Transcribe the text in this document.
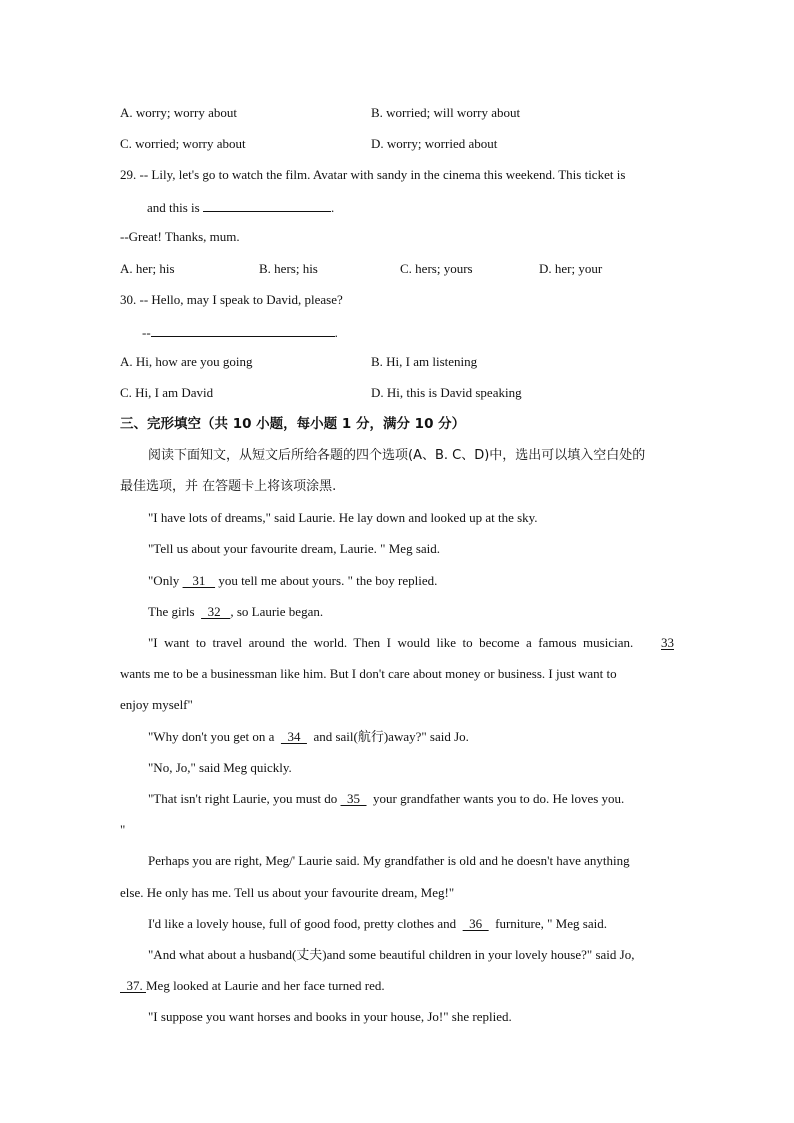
A. worry; worry about	B. worried; will worry about
C. worried; worry about	D. worry; worried about
29. -- Lily, let's go to watch the film. Avatar with sandy in the cinema this weekend. This ticket is
and this is	.
--Great! Thanks, mum.
A. her; his	B. hers; his	C. hers; yours	D. her; your
30. -- Hello, may I speak to David, please?
--	.
A. Hi, how are you going	B. Hi, I am listening
C. Hi, I am David	D. Hi, this is David speaking
三、完形填空（共 10 小题，每小题 1 分，满分 10 分）
阅读下面知文，从短文后所给各题的四个选项(A、B. C、D)中，选出可以填入空白处的
最佳选项，并 在答题卡上将该项涂黑.
"I have lots of dreams," said Laurie. He lay down and looked up at the sky.
"Tell us about your favourite dream, Laurie. " Meg said.
"Only    31    you tell me about yours. " the boy replied.
The girls    32   , so Laurie began.
"I  want  to  travel  around  the  world.  Then  I  would  like  to  become  a  famous  musician. 33
wants me to be a businessman like him. But I don't care about money or business. I just want to
enjoy myself"
"Why don't you get on a    34    and sail(航行)away?" said Jo.
"No, Jo," said Meg quickly.
"That isn't right Laurie, you must do   35    your grandfather wants you to do. He loves you.
"
Perhaps you are right, Meg/' Laurie said. My grandfather is old and he doesn't have anything
else. He only has me. Tell us about your favourite dream, Meg!"
I'd like a lovely house, full of good food, pretty clothes and    36    furniture, " Meg said.
"And what about a husband(丈夫)and some beautiful children in your lovely house?" said Jo,
37. Meg looked at Laurie and her face turned red.
"I suppose you want horses and books in your house, Jo!" she replied.
